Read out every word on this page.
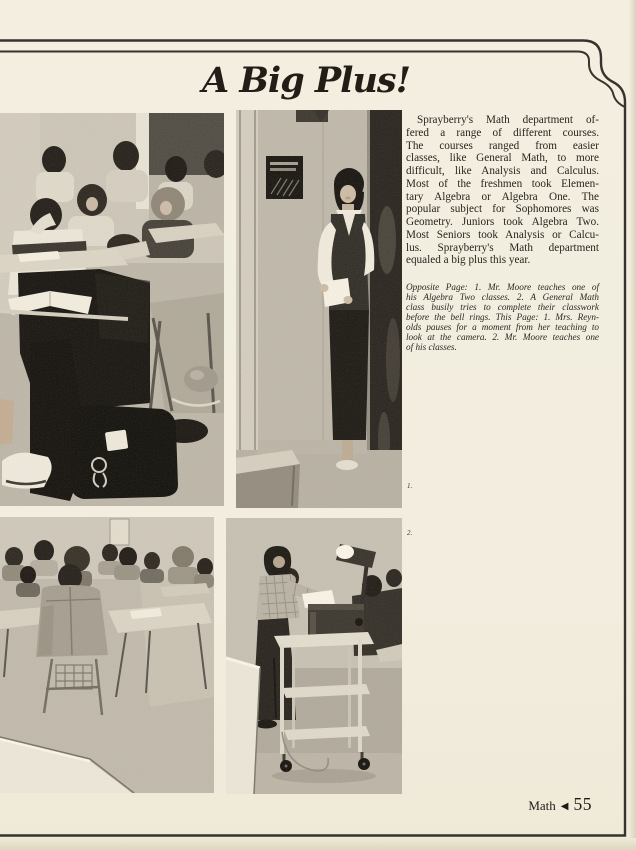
A Big Plus!
1.
2.
Sprayberry's Math department of-
fered a range of different courses.
The courses ranged from easier
classes, like General Math, to more
difficult, like Analysis and Calculus.
Most of the freshmen took Elemen-
tary Algebra or Algebra One. The
popular subject for Sophomores was
Geometry. Juniors took Algebra Two.
Most Seniors took Analysis or Calcu-
lus. Sprayberry's Math department
equaled a big plus this year.
Opposite Page: 1. Mr. Moore teaches one of
his Algebra Two classes. 2. A General Math
class busily tries to complete their classwork
before the bell rings. This Page: 1. Mrs. Reyn-
olds pauses for a moment from her teaching to
look at the camera. 2. Mr. Moore teaches one
of his classes.
Math ◀ 55
